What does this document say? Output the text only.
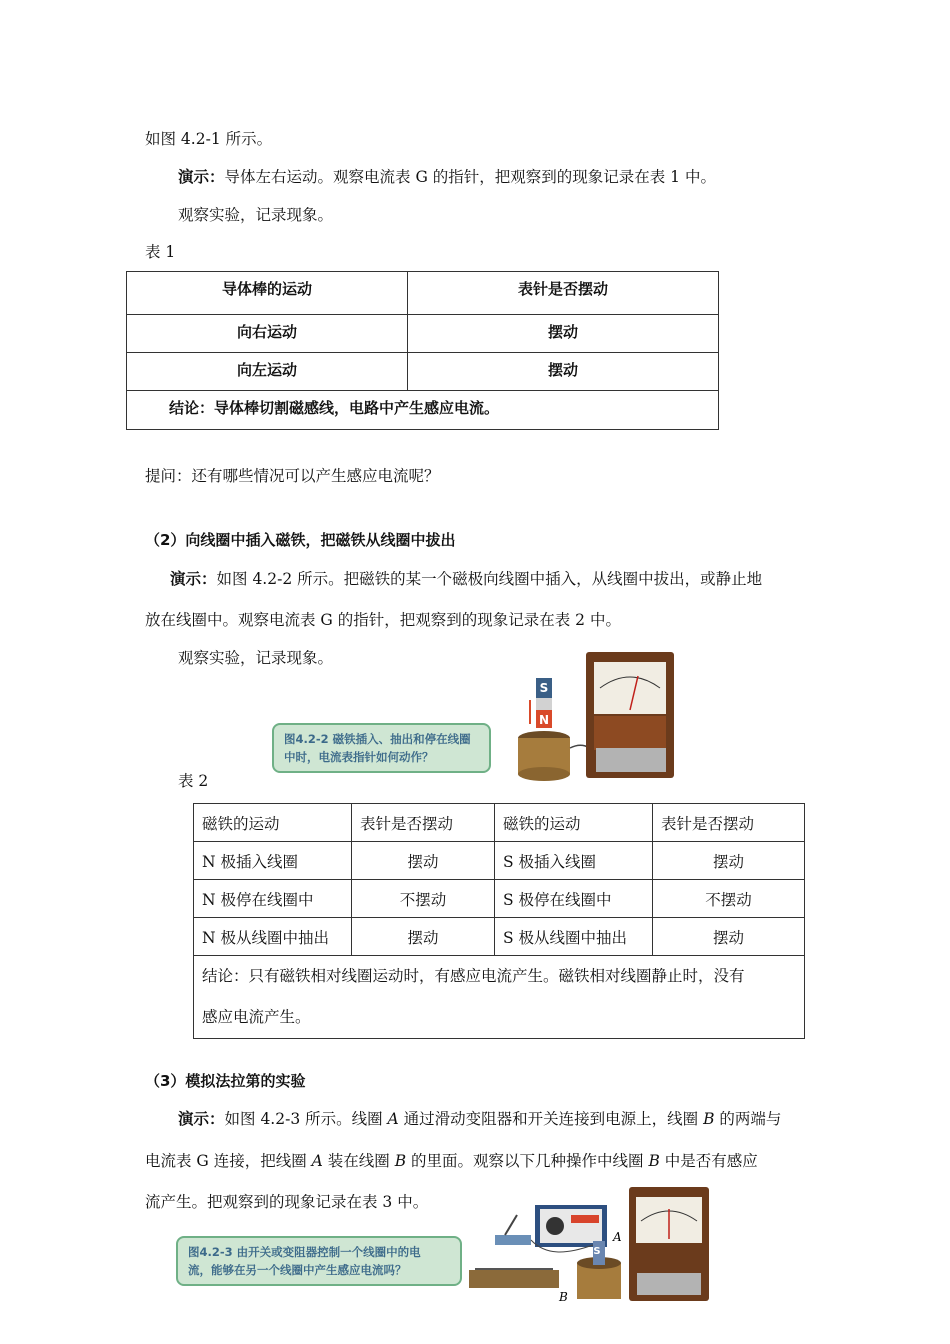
如图 4.2-1 所示。
演示：导体左右运动。观察电流表 G 的指针，把观察到的现象记录在表 1 中。
观察实验，记录现象。
表 1
导体棒的运动	表针是否摆动
向右运动	摆动
向左运动	摆动
结论：导体棒切割磁感线，电路中产生感应电流。	
提问：还有哪些情况可以产生感应电流呢？
（2）向线圈中插入磁铁，把磁铁从线圈中拔出
演示：如图 4.2-2 所示。把磁铁的某一个磁极向线圈中插入，从线圈中拔出，或静止地
放在线圈中。观察电流表 G 的指针，把观察到的现象记录在表 2 中。
观察实验，记录现象。
图4.2-2 磁铁插入、抽出和停在线圈
中时，电流表指针如何动作？
S
N
表 2
磁铁的运动	表针是否摆动	磁铁的运动	表针是否摆动
N 极插入线圈	摆动	S 极插入线圈	摆动
N 极停在线圈中	不摆动	S 极停在线圈中	不摆动
N 极从线圈中抽出	摆动	S 极从线圈中抽出	摆动

结论：只有磁铁相对线圈运动时，有感应电流产生。磁铁相对线圈静止时，没有
感应电流产生。			
（3）模拟法拉第的实验
演示：如图 4.2-3 所示。线圈 A 通过滑动变阻器和开关连接到电源上，线圈 B 的两端与
电流表 G 连接，把线圈 A 装在线圈 B 的里面。观察以下几种操作中线圈 B 中是否有感应
流产生。把观察到的现象记录在表 3 中。
图4.2-3 由开关或变阻器控制一个线圈中的电
流，能够在另一个线圈中产生感应电流吗？
S
A
B
